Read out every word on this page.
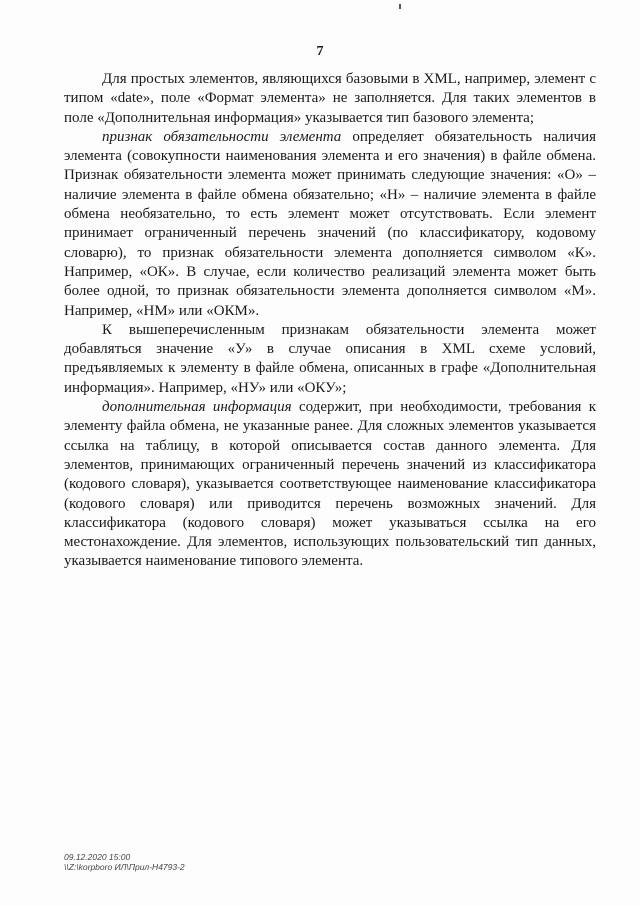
7

Для простых элементов, являющихся базовыми в XML, например, элемент с типом «date», поле «Формат элемента» не заполняется. Для таких элементов в поле «Дополнительная информация» указывается тип базового элемента;

признак обязательности элемента определяет обязательность наличия элемента (совокупности наименования элемента и его значения) в файле обмена. Признак обязательности элемента может принимать следующие значения: «О» – наличие элемента в файле обмена обязательно; «Н» – наличие элемента в файле обмена необязательно, то есть элемент может отсутствовать. Если элемент принимает ограниченный перечень значений (по классификатору, кодовому словарю), то признак обязательности элемента дополняется символом «К». Например, «ОК». В случае, если количество реализаций элемента может быть более одной, то признак обязательности элемента дополняется символом «М». Например, «НМ» или «ОКМ».

К вышеперечисленным признакам обязательности элемента может добавляться значение «У» в случае описания в XML схеме условий, предъявляемых к элементу в файле обмена, описанных в графе «Дополнительная информация». Например, «НУ» или «ОКУ»;

дополнительная информация содержит, при необходимости, требования к элементу файла обмена, не указанные ранее. Для сложных элементов указывается ссылка на таблицу, в которой описывается состав данного элемента. Для элементов, принимающих ограниченный перечень значений из классификатора (кодового словаря), указывается соответствующее наименование классификатора (кодового словаря) или приводится перечень возможных значений. Для классификатора (кодового словаря) может указываться ссылка на его местонахождение. Для элементов, использующих пользовательский тип данных, указывается наименование типового элемента.

09.12.2020 15:00
\\Z:\korpboro ИЛ\Прил-Н4793-2
